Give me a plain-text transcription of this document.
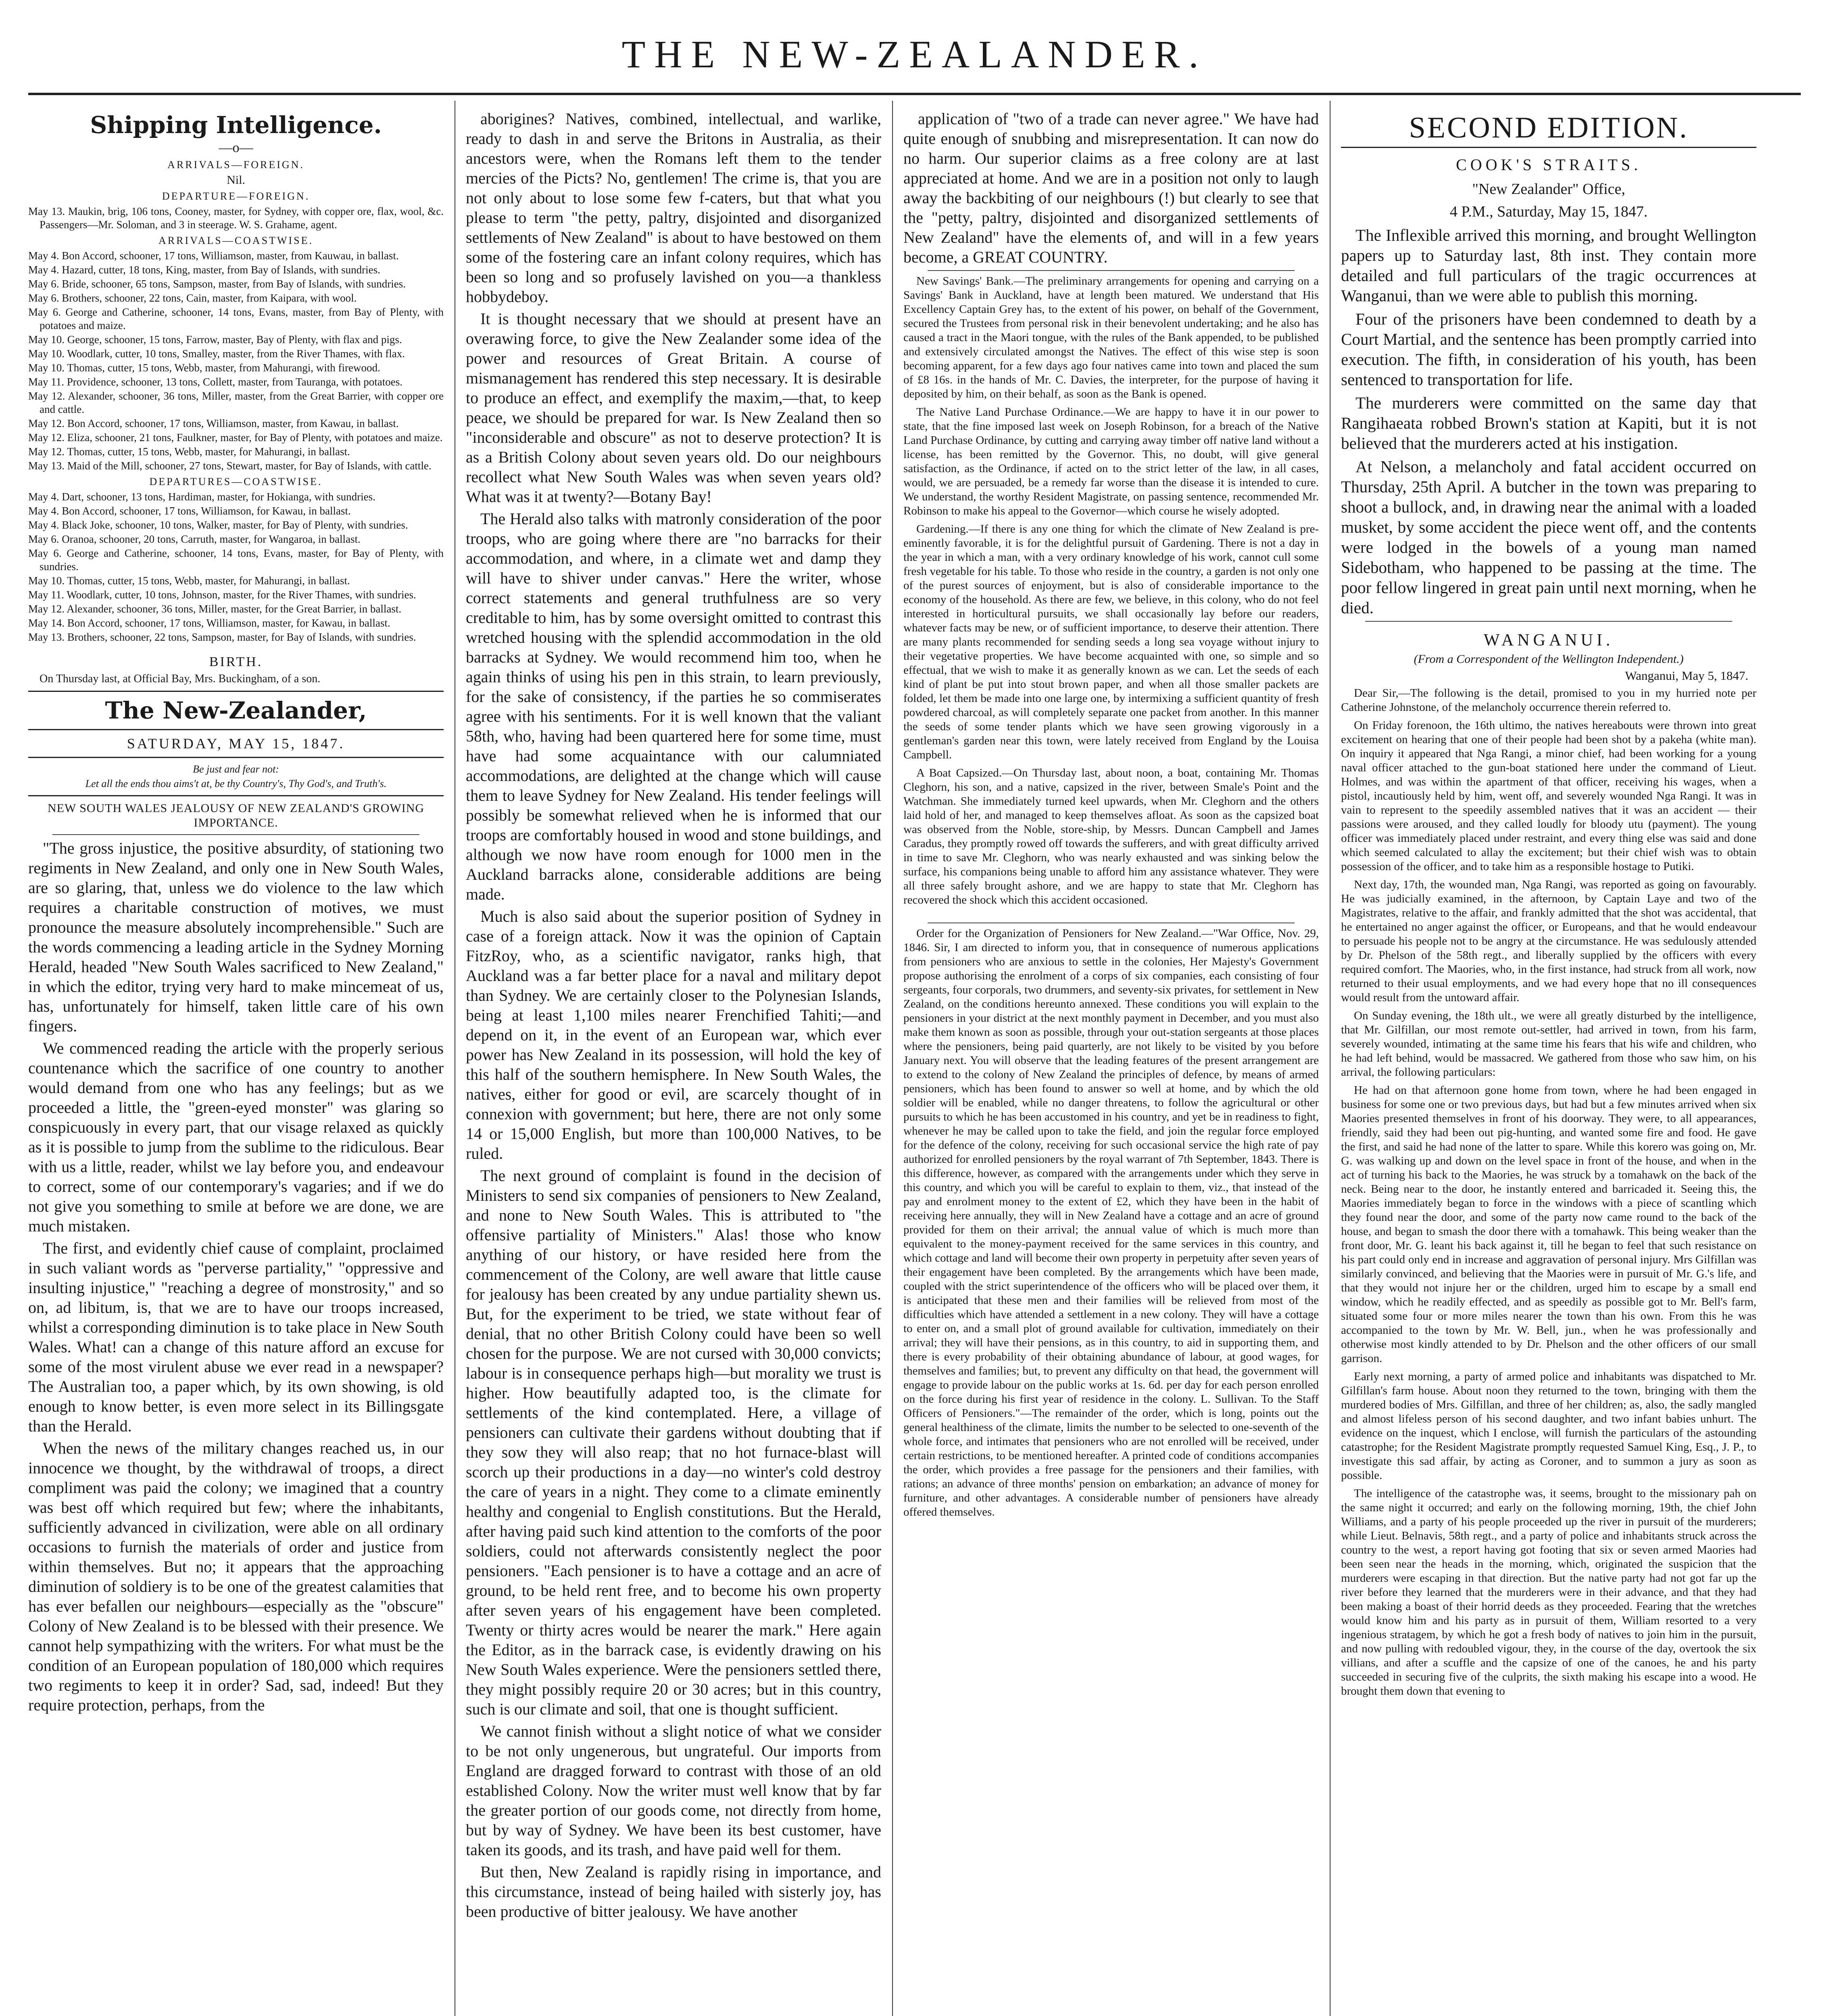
THE NEW-ZEALANDER.
Shipping Intelligence.
—o—
ARRIVALS—FOREIGN.
Nil.
DEPARTURE—FOREIGN.

May 13. Maukin, brig, 106 tons, Cooney, master, for Sydney, with copper ore, flax, wool, &c. Passengers—Mr. Soloman, and 3 in steerage. W. S. Grahame, agent.

ARRIVALS—COASTWISE.

May 4. Bon Accord, schooner, 17 tons, Williamson, master, from Kauwau, in ballast.

May 4. Hazard, cutter, 18 tons, King, master, from Bay of Islands, with sundries.

May 6. Bride, schooner, 65 tons, Sampson, master, from Bay of Islands, with sundries.

May 6. Brothers, schooner, 22 tons, Cain, master, from Kaipara, with wool.

May 6. George and Catherine, schooner, 14 tons, Evans, master, from Bay of Plenty, with potatoes and maize.

May 10. George, schooner, 15 tons, Farrow, master, Bay of Plenty, with flax and pigs.

May 10. Woodlark, cutter, 10 tons, Smalley, master, from the River Thames, with flax.

May 10. Thomas, cutter, 15 tons, Webb, master, from Mahurangi, with firewood.

May 11. Providence, schooner, 13 tons, Collett, master, from Tauranga, with potatoes.

May 12. Alexander, schooner, 36 tons, Miller, master, from the Great Barrier, with copper ore and cattle.

May 12. Bon Accord, schooner, 17 tons, Williamson, master, from Kawau, in ballast.

May 12. Eliza, schooner, 21 tons, Faulkner, master, for Bay of Plenty, with potatoes and maize.

May 12. Thomas, cutter, 15 tons, Webb, master, for Mahurangi, in ballast.

May 13. Maid of the Mill, schooner, 27 tons, Stewart, master, for Bay of Islands, with cattle.

DEPARTURES—COASTWISE.

May 4. Dart, schooner, 13 tons, Hardiman, master, for Hokianga, with sundries.

May 4. Bon Accord, schooner, 17 tons, Williamson, for Kawau, in ballast.

May 4. Black Joke, schooner, 10 tons, Walker, master, for Bay of Plenty, with sundries.

May 6. Oranoa, schooner, 20 tons, Carruth, master, for Wangaroa, in ballast.

May 6. George and Catherine, schooner, 14 tons, Evans, master, for Bay of Plenty, with sundries.

May 10. Thomas, cutter, 15 tons, Webb, master, for Mahurangi, in ballast.

May 11. Woodlark, cutter, 10 tons, Johnson, master, for the River Thames, with sundries.

May 12. Alexander, schooner, 36 tons, Miller, master, for the Great Barrier, in ballast.

May 14. Bon Accord, schooner, 17 tons, Williamson, master, for Kawau, in ballast.

May 13. Brothers, schooner, 22 tons, Sampson, master, for Bay of Islands, with sundries.

BIRTH.
On Thursday last, at Official Bay, Mrs. Buckingham, of a son.
The New-Zealander,
SATURDAY, MAY 15, 1847.
Be just and fear not:
Let all the ends thou aims't at, be thy Country's, Thy God's, and Truth's.
NEW SOUTH WALES JEALOUSY OF NEW ZEALAND'S GROWING IMPORTANCE.

"The gross injustice, the positive absurdity, of stationing two regiments in New Zealand, and only one in New South Wales, are so glaring, that, unless we do violence to the law which requires a charitable construction of motives, we must pronounce the measure absolutely incomprehensible." Such are the words commencing a leading article in the Sydney Morning Herald, headed "New South Wales sacrificed to New Zealand," in which the editor, trying very hard to make mincemeat of us, has, unfortunately for himself, taken little care of his own fingers.

We commenced reading the article with the properly serious countenance which the sacrifice of one country to another would demand from one who has any feelings; but as we proceeded a little, the "green-eyed monster" was glaring so conspicuously in every part, that our visage relaxed as quickly as it is possible to jump from the sublime to the ridiculous. Bear with us a little, reader, whilst we lay before you, and endeavour to correct, some of our contemporary's vagaries; and if we do not give you something to smile at before we are done, we are much mistaken.

The first, and evidently chief cause of complaint, proclaimed in such valiant words as "perverse partiality," "oppressive and insulting injustice," "reaching a degree of monstrosity," and so on, ad libitum, is, that we are to have our troops increased, whilst a corresponding diminution is to take place in New South Wales. What! can a change of this nature afford an excuse for some of the most virulent abuse we ever read in a newspaper? The Australian too, a paper which, by its own showing, is old enough to know better, is even more select in its Billingsgate than the Herald.

When the news of the military changes reached us, in our innocence we thought, by the withdrawal of troops, a direct compliment was paid the colony; we imagined that a country was best off which required but few; where the inhabitants, sufficiently advanced in civilization, were able on all ordinary occasions to furnish the materials of order and justice from within themselves. But no; it appears that the approaching diminution of soldiery is to be one of the greatest calamities that has ever befallen our neighbours—especially as the "obscure" Colony of New Zealand is to be blessed with their presence. We cannot help sympathizing with the writers. For what must be the condition of an European population of 180,000 which requires two regiments to keep it in order? Sad, sad, indeed! But they require protection, perhaps, from the

aborigines? Natives, combined, intellectual, and warlike, ready to dash in and serve the Britons in Australia, as their ancestors were, when the Romans left them to the tender mercies of the Picts? No, gentlemen! The crime is, that you are not only about to lose some few f-caters, but that what you please to term "the petty, paltry, disjointed and disorganized settlements of New Zealand" is about to have bestowed on them some of the fostering care an infant colony requires, which has been so long and so profusely lavished on you—a thankless hobbydeboy.

It is thought necessary that we should at present have an overawing force, to give the New Zealander some idea of the power and resources of Great Britain. A course of mismanagement has rendered this step necessary. It is desirable to produce an effect, and exemplify the maxim,—that, to keep peace, we should be prepared for war. Is New Zealand then so "inconsiderable and obscure" as not to deserve protection? It is as a British Colony about seven years old. Do our neighbours recollect what New South Wales was when seven years old? What was it at twenty?—Botany Bay!

The Herald also talks with matronly consideration of the poor troops, who are going where there are "no barracks for their accommodation, and where, in a climate wet and damp they will have to shiver under canvas." Here the writer, whose correct statements and general truthfulness are so very creditable to him, has by some oversight omitted to contrast this wretched housing with the splendid accommodation in the old barracks at Sydney. We would recommend him too, when he again thinks of using his pen in this strain, to learn previously, for the sake of consistency, if the parties he so commiserates agree with his sentiments. For it is well known that the valiant 58th, who, having had been quartered here for some time, must have had some acquaintance with our calumniated accommodations, are delighted at the change which will cause them to leave Sydney for New Zealand. His tender feelings will possibly be somewhat relieved when he is informed that our troops are comfortably housed in wood and stone buildings, and although we now have room enough for 1000 men in the Auckland barracks alone, considerable additions are being made.

Much is also said about the superior position of Sydney in case of a foreign attack. Now it was the opinion of Captain FitzRoy, who, as a scientific navigator, ranks high, that Auckland was a far better place for a naval and military depot than Sydney. We are certainly closer to the Polynesian Islands, being at least 1,100 miles nearer Frenchified Tahiti;—and depend on it, in the event of an European war, which ever power has New Zealand in its possession, will hold the key of this half of the southern hemisphere. In New South Wales, the natives, either for good or evil, are scarcely thought of in connexion with government; but here, there are not only some 14 or 15,000 English, but more than 100,000 Natives, to be ruled.

The next ground of complaint is found in the decision of Ministers to send six companies of pensioners to New Zealand, and none to New South Wales. This is attributed to "the offensive partiality of Ministers." Alas! those who know anything of our history, or have resided here from the commencement of the Colony, are well aware that little cause for jealousy has been created by any undue partiality shewn us. But, for the experiment to be tried, we state without fear of denial, that no other British Colony could have been so well chosen for the purpose. We are not cursed with 30,000 convicts; labour is in consequence perhaps high—but morality we trust is higher. How beautifully adapted too, is the climate for settlements of the kind contemplated. Here, a village of pensioners can cultivate their gardens without doubting that if they sow they will also reap; that no hot furnace-blast will scorch up their productions in a day—no winter's cold destroy the care of years in a night. They come to a climate eminently healthy and congenial to English constitutions. But the Herald, after having paid such kind attention to the comforts of the poor soldiers, could not afterwards consistently neglect the poor pensioners. "Each pensioner is to have a cottage and an acre of ground, to be held rent free, and to become his own property after seven years of his engagement have been completed. Twenty or thirty acres would be nearer the mark." Here again the Editor, as in the barrack case, is evidently drawing on his New South Wales experience. Were the pensioners settled there, they might possibly require 20 or 30 acres; but in this country, such is our climate and soil, that one is thought sufficient.

We cannot finish without a slight notice of what we consider to be not only ungenerous, but ungrateful. Our imports from England are dragged forward to contrast with those of an old established Colony. Now the writer must well know that by far the greater portion of our goods come, not directly from home, but by way of Sydney. We have been its best customer, have taken its goods, and its trash, and have paid well for them.

But then, New Zealand is rapidly rising in importance, and this circumstance, instead of being hailed with sisterly joy, has been productive of bitter jealousy. We have another

application of "two of a trade can never agree." We have had quite enough of snubbing and misrepresentation. It can now do no harm. Our superior claims as a free colony are at last appreciated at home. And we are in a position not only to laugh away the backbiting of our neighbours (!) but clearly to see that the "petty, paltry, disjointed and disorganized settlements of New Zealand" have the elements of, and will in a few years become, a GREAT COUNTRY.

New Savings' Bank.—The preliminary arrangements for opening and carrying on a Savings' Bank in Auckland, have at length been matured. We understand that His Excellency Captain Grey has, to the extent of his power, on behalf of the Government, secured the Trustees from personal risk in their benevolent undertaking; and he also has caused a tract in the Maori tongue, with the rules of the Bank appended, to be published and extensively circulated amongst the Natives. The effect of this wise step is soon becoming apparent, for a few days ago four natives came into town and placed the sum of £8 16s. in the hands of Mr. C. Davies, the interpreter, for the purpose of having it deposited by him, on their behalf, as soon as the Bank is opened.

The Native Land Purchase Ordinance.—We are happy to have it in our power to state, that the fine imposed last week on Joseph Robinson, for a breach of the Native Land Purchase Ordinance, by cutting and carrying away timber off native land without a license, has been remitted by the Governor. This, no doubt, will give general satisfaction, as the Ordinance, if acted on to the strict letter of the law, in all cases, would, we are persuaded, be a remedy far worse than the disease it is intended to cure. We understand, the worthy Resident Magistrate, on passing sentence, recommended Mr. Robinson to make his appeal to the Governor—which course he wisely adopted.

Gardening.—If there is any one thing for which the climate of New Zealand is pre-eminently favorable, it is for the delightful pursuit of Gardening. There is not a day in the year in which a man, with a very ordinary knowledge of his work, cannot cull some fresh vegetable for his table. To those who reside in the country, a garden is not only one of the purest sources of enjoyment, but is also of considerable importance to the economy of the household. As there are few, we believe, in this colony, who do not feel interested in horticultural pursuits, we shall occasionally lay before our readers, whatever facts may be new, or of sufficient importance, to deserve their attention. There are many plants recommended for sending seeds a long sea voyage without injury to their vegetative properties. We have become acquainted with one, so simple and so effectual, that we wish to make it as generally known as we can. Let the seeds of each kind of plant be put into stout brown paper, and when all those smaller packets are folded, let them be made into one large one, by intermixing a sufficient quantity of fresh powdered charcoal, as will completely separate one packet from another. In this manner the seeds of some tender plants which we have seen growing vigorously in a gentleman's garden near this town, were lately received from England by the Louisa Campbell.

A Boat Capsized.—On Thursday last, about noon, a boat, containing Mr. Thomas Cleghorn, his son, and a native, capsized in the river, between Smale's Point and the Watchman. She immediately turned keel upwards, when Mr. Cleghorn and the others laid hold of her, and managed to keep themselves afloat. As soon as the capsized boat was observed from the Noble, store-ship, by Messrs. Duncan Campbell and James Caradus, they promptly rowed off towards the sufferers, and with great difficulty arrived in time to save Mr. Cleghorn, who was nearly exhausted and was sinking below the surface, his companions being unable to afford him any assistance whatever. They were all three safely brought ashore, and we are happy to state that Mr. Cleghorn has recovered the shock which this accident occasioned.

Order for the Organization of Pensioners for New Zealand.—"War Office, Nov. 29, 1846. Sir, I am directed to inform you, that in consequence of numerous applications from pensioners who are anxious to settle in the colonies, Her Majesty's Government propose authorising the enrolment of a corps of six companies, each consisting of four sergeants, four corporals, two drummers, and seventy-six privates, for settlement in New Zealand, on the conditions hereunto annexed. These conditions you will explain to the pensioners in your district at the next monthly payment in December, and you must also make them known as soon as possible, through your out-station sergeants at those places where the pensioners, being paid quarterly, are not likely to be visited by you before January next. You will observe that the leading features of the present arrangement are to extend to the colony of New Zealand the principles of defence, by means of armed pensioners, which has been found to answer so well at home, and by which the old soldier will be enabled, while no danger threatens, to follow the agricultural or other pursuits to which he has been accustomed in his country, and yet be in readiness to fight, whenever he may be called upon to take the field, and join the regular force employed for the defence of the colony, receiving for such occasional service the high rate of pay authorized for enrolled pensioners by the royal warrant of 7th September, 1843. There is this difference, however, as compared with the arrangements under which they serve in this country, and which you will be careful to explain to them, viz., that instead of the pay and enrolment money to the extent of £2, which they have been in the habit of receiving here annually, they will in New Zealand have a cottage and an acre of ground provided for them on their arrival; the annual value of which is much more than equivalent to the money-payment received for the same services in this country, and which cottage and land will become their own property in perpetuity after seven years of their engagement have been completed. By the arrangements which have been made, coupled with the strict superintendence of the officers who will be placed over them, it is anticipated that these men and their families will be relieved from most of the difficulties which have attended a settlement in a new colony. They will have a cottage to enter on, and a small plot of ground available for cultivation, immediately on their arrival; they will have their pensions, as in this country, to aid in supporting them, and there is every probability of their obtaining abundance of labour, at good wages, for themselves and families; but, to prevent any difficulty on that head, the government will engage to provide labour on the public works at 1s. 6d. per day for each person enrolled on the force during his first year of residence in the colony. L. Sullivan. To the Staff Officers of Pensioners."—The remainder of the order, which is long, points out the general healthiness of the climate, limits the number to be selected to one-seventh of the whole force, and intimates that pensioners who are not enrolled will be received, under certain restrictions, to be mentioned hereafter. A printed code of conditions accompanies the order, which provides a free passage for the pensioners and their families, with rations; an advance of three months' pension on embarkation; an advance of money for furniture, and other advantages. A considerable number of pensioners have already offered themselves.

SECOND EDITION.
COOK'S STRAITS.
"New Zealander" Office,
4 P.M., Saturday, May 15, 1847.

The Inflexible arrived this morning, and brought Wellington papers up to Saturday last, 8th inst. They contain more detailed and full particulars of the tragic occurrences at Wanganui, than we were able to publish this morning.

Four of the prisoners have been condemned to death by a Court Martial, and the sentence has been promptly carried into execution. The fifth, in consideration of his youth, has been sentenced to transportation for life.

The murderers were committed on the same day that Rangihaeata robbed Brown's station at Kapiti, but it is not believed that the murderers acted at his instigation.

At Nelson, a melancholy and fatal accident occurred on Thursday, 25th April. A butcher in the town was preparing to shoot a bullock, and, in drawing near the animal with a loaded musket, by some accident the piece went off, and the contents were lodged in the bowels of a young man named Sidebotham, who happened to be passing at the time. The poor fellow lingered in great pain until next morning, when he died.

WANGANUI.
(From a Correspondent of the Wellington Independent.)
Wanganui, May 5, 1847.

Dear Sir,—The following is the detail, promised to you in my hurried note per Catherine Johnstone, of the melancholy occurrence therein referred to.

On Friday forenoon, the 16th ultimo, the natives hereabouts were thrown into great excitement on hearing that one of their people had been shot by a pakeha (white man). On inquiry it appeared that Nga Rangi, a minor chief, had been working for a young naval officer attached to the gun-boat stationed here under the command of Lieut. Holmes, and was within the apartment of that officer, receiving his wages, when a pistol, incautiously held by him, went off, and severely wounded Nga Rangi. It was in vain to represent to the speedily assembled natives that it was an accident — their passions were aroused, and they called loudly for bloody utu (payment). The young officer was immediately placed under restraint, and every thing else was said and done which seemed calculated to allay the excitement; but their chief wish was to obtain possession of the officer, and to take him as a responsible hostage to Putiki.

Next day, 17th, the wounded man, Nga Rangi, was reported as going on favourably. He was judicially examined, in the afternoon, by Captain Laye and two of the Magistrates, relative to the affair, and frankly admitted that the shot was accidental, that he entertained no anger against the officer, or Europeans, and that he would endeavour to persuade his people not to be angry at the circumstance. He was sedulously attended by Dr. Phelson of the 58th regt., and liberally supplied by the officers with every required comfort. The Maories, who, in the first instance, had struck from all work, now returned to their usual employments, and we had every hope that no ill consequences would result from the untoward affair.

On Sunday evening, the 18th ult., we were all greatly disturbed by the intelligence, that Mr. Gilfillan, our most remote out-settler, had arrived in town, from his farm, severely wounded, intimating at the same time his fears that his wife and children, who he had left behind, would be massacred. We gathered from those who saw him, on his arrival, the following particulars:

He had on that afternoon gone home from town, where he had been engaged in business for some one or two previous days, but had but a few minutes arrived when six Maories presented themselves in front of his doorway. They were, to all appearances, friendly, said they had been out pig-hunting, and wanted some fire and food. He gave the first, and said he had none of the latter to spare. While this korero was going on, Mr. G. was walking up and down on the level space in front of the house, and when in the act of turning his back to the Maories, he was struck by a tomahawk on the back of the neck. Being near to the door, he instantly entered and barricaded it. Seeing this, the Maories immediately began to force in the windows with a piece of scantling which they found near the door, and some of the party now came round to the back of the house, and began to smash the door there with a tomahawk. This being weaker than the front door, Mr. G. leant his back against it, till he began to feel that such resistance on his part could only end in increase and aggravation of personal injury. Mrs Gilfillan was similarly convinced, and believing that the Maories were in pursuit of Mr. G.'s life, and that they would not injure her or the children, urged him to escape by a small end window, which he readily effected, and as speedily as possible got to Mr. Bell's farm, situated some four or more miles nearer the town than his own. From this he was accompanied to the town by Mr. W. Bell, jun., when he was professionally and otherwise most kindly attended to by Dr. Phelson and the other officers of our small garrison.

Early next morning, a party of armed police and inhabitants was dispatched to Mr. Gilfillan's farm house. About noon they returned to the town, bringing with them the murdered bodies of Mrs. Gilfillan, and three of her children; as, also, the sadly mangled and almost lifeless person of his second daughter, and two infant babies unhurt. The evidence on the inquest, which I enclose, will furnish the particulars of the astounding catastrophe; for the Resident Magistrate promptly requested Samuel King, Esq., J. P., to investigate this sad affair, by acting as Coroner, and to summon a jury as soon as possible.

The intelligence of the catastrophe was, it seems, brought to the missionary pah on the same night it occurred; and early on the following morning, 19th, the chief John Williams, and a party of his people proceeded up the river in pursuit of the murderers; while Lieut. Belnavis, 58th regt., and a party of police and inhabitants struck across the country to the west, a report having got footing that six or seven armed Maories had been seen near the heads in the morning, which, originated the suspicion that the murderers were escaping in that direction. But the native party had not got far up the river before they learned that the murderers were in their advance, and that they had been making a boast of their horrid deeds as they proceeded. Fearing that the wretches would know him and his party as in pursuit of them, William resorted to a very ingenious stratagem, by which he got a fresh body of natives to join him in the pursuit, and now pulling with redoubled vigour, they, in the course of the day, overtook the six villians, and after a scuffle and the capsize of one of the canoes, he and his party succeeded in securing five of the culprits, the sixth making his escape into a wood. He brought them down that evening to
